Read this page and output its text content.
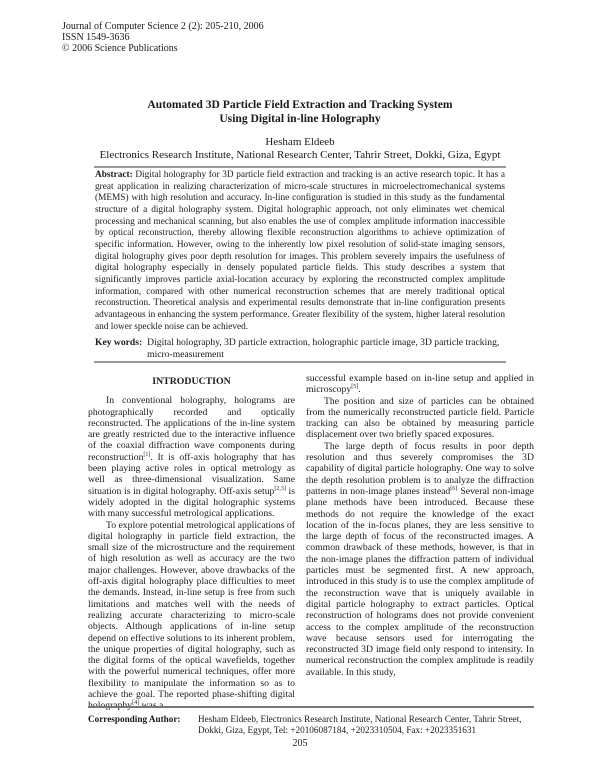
Journal of Computer Science 2 (2): 205-210, 2006
ISSN 1549-3636
© 2006 Science Publications
Automated 3D Particle Field Extraction and Tracking System
Using Digital in-line Holography
Hesham Eldeeb
Electronics Research Institute, National Research Center, Tahrir Street, Dokki, Giza, Egypt
Abstract: Digital holography for 3D particle field extraction and tracking is an active research topic. It has a great application in realizing characterization of micro-scale structures in microelectromechanical systems (MEMS) with high resolution and accuracy. In-line configuration is studied in this study as the fundamental structure of a digital holography system. Digital holographic approach, not only eliminates wet chemical processing and mechanical scanning, but also enables the use of complex amplitude information inaccessible by optical reconstruction, thereby allowing flexible reconstruction algorithms to achieve optimization of specific information. However, owing to the inherently low pixel resolution of solid-state imaging sensors, digital holography gives poor depth resolution for images. This problem severely impairs the usefulness of digital holography especially in densely populated particle fields. This study describes a system that significantly improves particle axial-location accuracy by exploring the reconstructed complex amplitude information, compared with other numerical reconstruction schemes that are merely traditional optical reconstruction. Theoretical analysis and experimental results demonstrate that in-line configuration presents advantageous in enhancing the system performance. Greater flexibility of the system, higher lateral resolution and lower speckle noise can be achieved.
Key words: Digital holography, 3D particle extraction, holographic particle image, 3D particle tracking, micro-measurement
INTRODUCTION

In conventional holography, holograms are photographically recorded and optically reconstructed. The applications of the in-line system are greatly restricted due to the interactive influence of the coaxial diffraction wave components during reconstruction[1]. It is off-axis holography that has been playing active roles in optical metrology as well as three-dimensional visualization. Same situation is in digital holography. Off-axis setup[2,3] is widely adopted in the digital holographic systems with many successful metrological applications.

To explore potential metrological applications of digital holography in particle field extraction, the small size of the microstructure and the requirement of high resolution as well as accuracy are the two major challenges. However, above drawbacks of the off-axis digital holography place difficulties to meet the demands. Instead, in-line setup is free from such limitations and matches well with the needs of realizing accurate characterizing to micro-scale objects. Although applications of in-line setup depend on effective solutions to its inherent problem, the unique properties of digital holography, such as the digital forms of the optical wavefields, together with the powerful numerical techniques, offer more flexibility to manipulate the information so as to achieve the goal. The reported phase-shifting digital [4]

successful example based on in-line setup and applied in microscopy[5].

The position and size of particles can be obtained from the numerically reconstructed particle field. Particle tracking can also be obtained by measuring particle displacement over two briefly spaced exposures.

The large depth of focus results in poor depth resolution and thus severely compromises the 3D capability of digital particle holography. One way to solve the depth resolution problem is to analyze the diffraction patterns in non-image planes instead[6] Several non-image plane methods have been introduced. Because these methods do not require the knowledge of the exact location of the in-focus planes, they are less sensitive to the large depth of focus of the reconstructed images. A common drawback of these methods, however, is that in the non-image planes the diffraction pattern of individual particles must be segmented first. A new approach, introduced in this study is to use the complex amplitude of the reconstruction wave that is uniquely available in digital particle holography to extract particles. Optical reconstruction of holograms does not provide convenient access to the complex amplitude of the reconstruction wave because sensors used for interrogating the reconstructed 3D image field only respond to intensity. In numerical reconstruction the complex amplitude is readily available. In this study,

Corresponding Author:	Hesham Eldeeb, Electronics Research Institute, National Research Center, Tahrir Street, Dokki, Giza, Egypt, Tel: +20106087184, +2023310504, Fax: +2023351631
205
